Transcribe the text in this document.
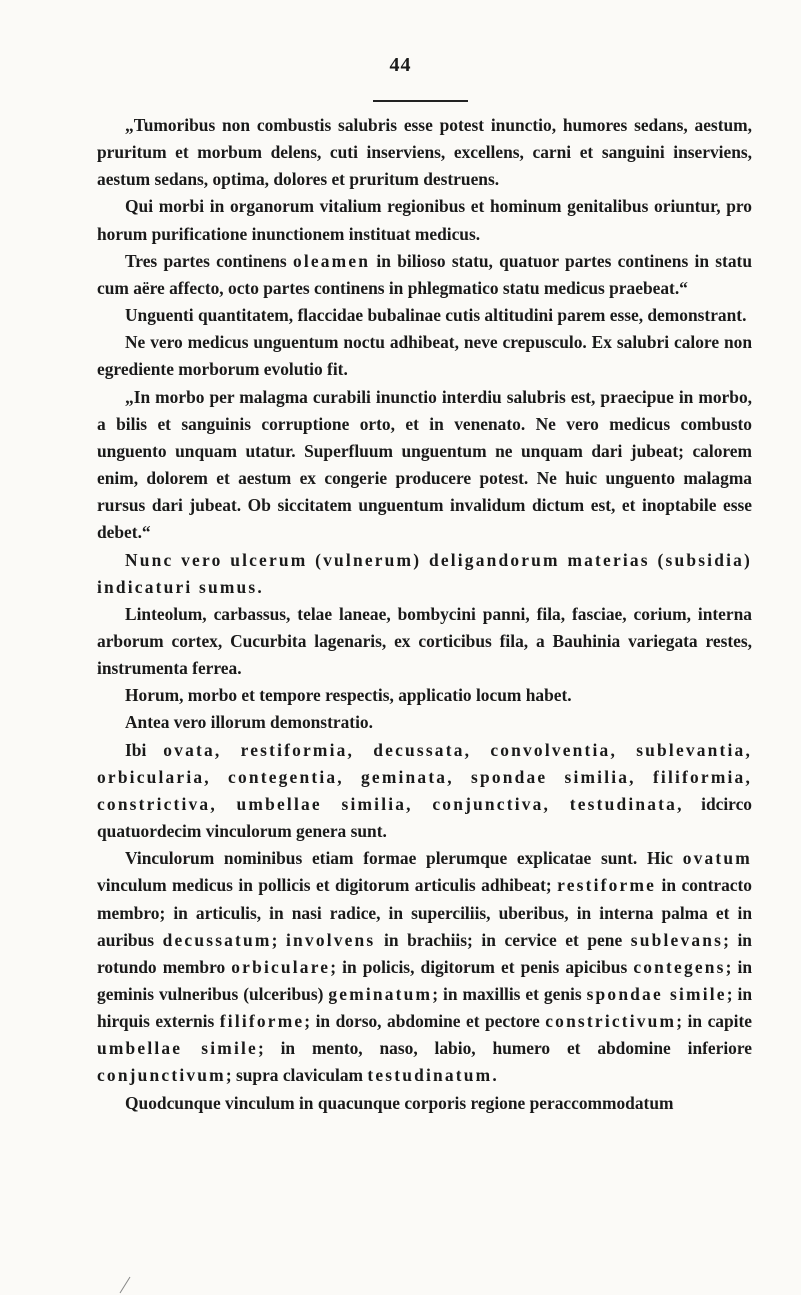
44

„Tumoribus non combustis salubris esse potest inunctio, humores sedans, aestum, pruritum et morbum delens, cuti inserviens, excellens, carni et sanguini inserviens, aestum sedans, optima, dolores et pruritum destruens.

Qui morbi in organorum vitalium regionibus et hominum genitalibus oriuntur, pro horum purificatione inunctionem instituat medicus.

Tres partes continens oleamen in bilioso statu, quatuor partes continens in statu cum aëre affecto, octo partes continens in phlegmatico statu medicus praebeat.“

Unguenti quantitatem, flaccidae bubalinae cutis altitudini parem esse, demonstrant.

Ne vero medicus unguentum noctu adhibeat, neve crepusculo. Ex salubri calore non egrediente morborum evolutio fit.

„In morbo per malagma curabili inunctio interdiu salubris est, praecipue in morbo, a bilis et sanguinis corruptione orto, et in venenato. Ne vero medicus combusto unguento unquam utatur. Superfluum unguentum ne unquam dari jubeat; calorem enim, dolorem et aestum ex congerie producere potest. Ne huic unguento malagma rursus dari jubeat. Ob siccitatem unguentum invalidum dictum est, et inoptabile esse debet.“

Nunc vero ulcerum (vulnerum) deligandorum materias (subsidia) indicaturi sumus.

Linteolum, carbassus, telae laneae, bombycini panni, fila, fasciae, corium, interna arborum cortex, Cucurbita lagenaris, ex corticibus fila, a Bauhinia variegata restes, instrumenta ferrea.

Horum, morbo et tempore respectis, applicatio locum habet.

Antea vero illorum demonstratio.

Ibi ovata, restiformia, decussata, convolventia, sublevantia, orbicularia, contegentia, geminata, spondae similia, filiformia, constrictiva, umbellae similia, conjunctiva, testudinata, idcirco quatuordecim vinculorum genera sunt.

Vinculorum nominibus etiam formae plerumque explicatae sunt. Hic ovatum vinculum medicus in pollicis et digitorum articulis adhibeat; restiforme in contracto membro; in articulis, in nasi radice, in superciliis, uberibus, in interna palma et in auribus decussatum; involvens in brachiis; in cervice et pene sublevans; in rotundo membro orbiculare; in policis, digitorum et penis apicibus contegens; in geminis vulneribus (ulceribus) geminatum; in maxillis et genis spondae simile; in hirquis externis filiforme; in dorso, abdomine et pectore constrictivum; in capite umbellae simile; in mento, naso, labio, humero et abdomine inferiore conjunctivum; supra claviculam testudinatum.

Quodcunque vinculum in quacunque corporis regione peraccommodatum
